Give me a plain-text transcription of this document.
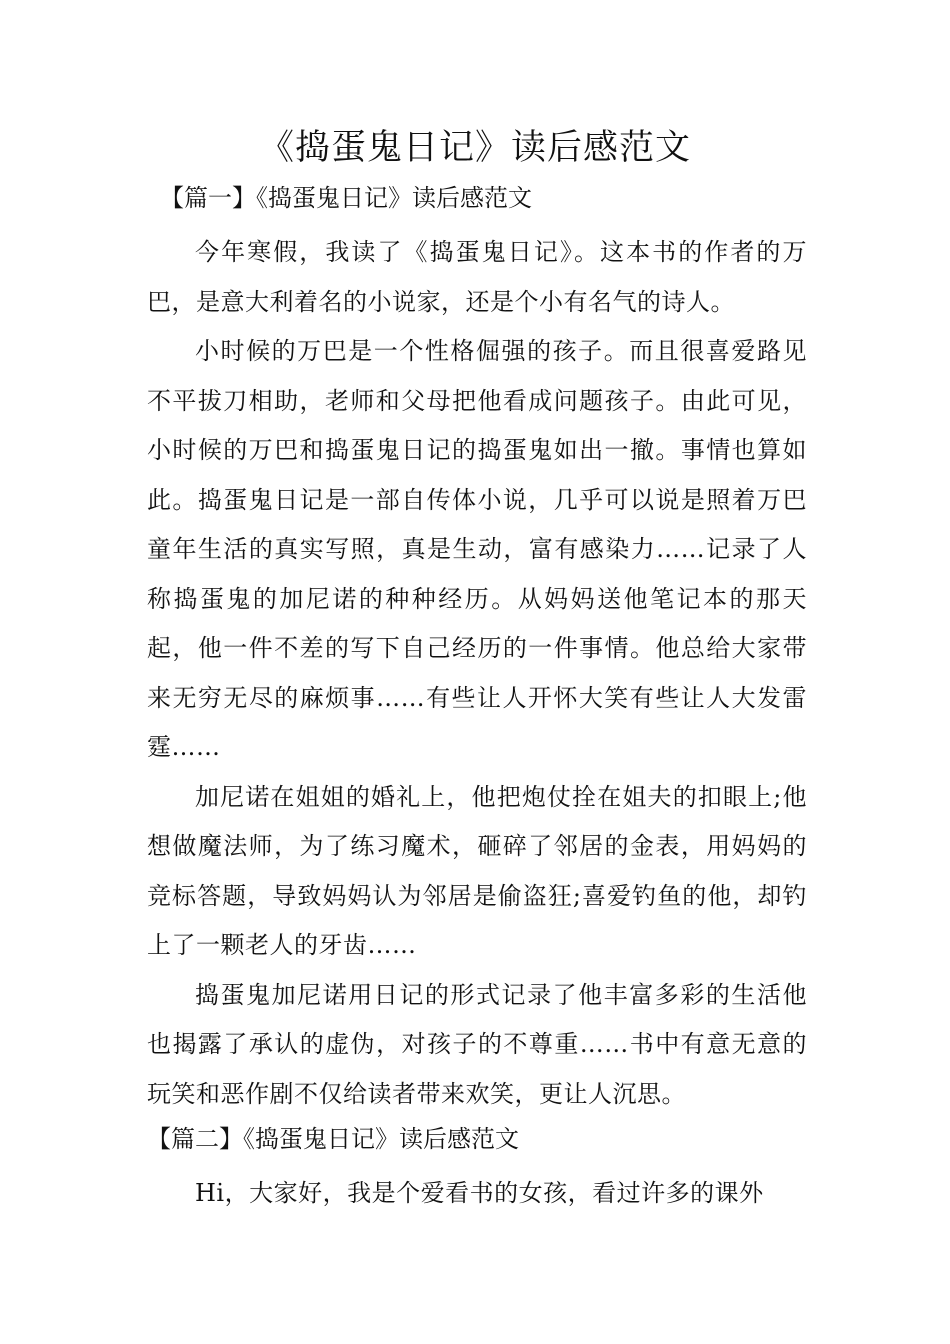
《捣蛋鬼日记》读后感范文
【篇一】《捣蛋鬼日记》读后感范文
今年寒假，我读了《捣蛋鬼日记》。这本书的作者的万巴，是意大利着名的小说家，还是个小有名气的诗人。
小时候的万巴是一个性格倔强的孩子。而且很喜爱路见不平拔刀相助，老师和父母把他看成问题孩子。由此可见，小时候的万巴和捣蛋鬼日记的捣蛋鬼如出一撤。事情也算如此。捣蛋鬼日记是一部自传体小说，几乎可以说是照着万巴童年生活的真实写照，真是生动，富有感染力……记录了人称捣蛋鬼的加尼诺的种种经历。从妈妈送他笔记本的那天起，他一件不差的写下自己经历的一件事情。他总给大家带来无穷无尽的麻烦事……有些让人开怀大笑有些让人大发雷霆……
加尼诺在姐姐的婚礼上，他把炮仗拴在姐夫的扣眼上;他想做魔法师，为了练习魔术，砸碎了邻居的金表，用妈妈的竞标答题，导致妈妈认为邻居是偷盗狂;喜爱钓鱼的他，却钓上了一颗老人的牙齿……
捣蛋鬼加尼诺用日记的形式记录了他丰富多彩的生活他也揭露了承认的虚伪，对孩子的不尊重……书中有意无意的玩笑和恶作剧不仅给读者带来欢笑，更让人沉思。
【篇二】《捣蛋鬼日记》读后感范文
Hi，大家好，我是个爱看书的女孩，看过许多的课外
